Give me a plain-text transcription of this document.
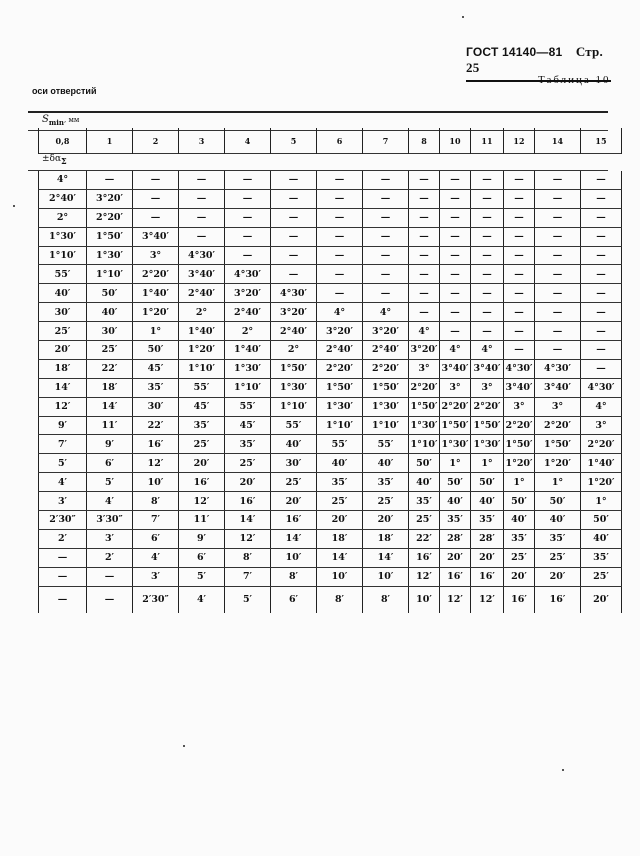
ГОСТ 14140—81 Стр. 25
Таблица 10
оси отверстий
$S_{min}$, мм
0,8	1	2	3	4	5	6	7	8	10	11	12	14	15
$\pm\delta\alpha_\Sigma$
4°	—	—	—	—	—	—	—	—	—	—	—	—	—
2°40′	3°20′	—	—	—	—	—	—	—	—	—	—	—	—
2°	2°20′	—	—	—	—	—	—	—	—	—	—	—	—
1°30′	1°50′	3°40′	—	—	—	—	—	—	—	—	—	—	—
1°10′	1°30′	3°	4°30′	—	—	—	—	—	—	—	—	—	—
55′	1°10′	2°20′	3°40′	4°30′	—	—	—	—	—	—	—	—	—
40′	50′	1°40′	2°40′	3°20′	4°30′	—	—	—	—	—	—	—	—
30′	40′	1°20′	2°	2°40′	3°20′	4°	4°	—	—	—	—	—	—
25′	30′	1°	1°40′	2°	2°40′	3°20′	3°20′	4°	—	—	—	—	—
20′	25′	50′	1°20′	1°40′	2°	2°40′	2°40′	3°20′	4°	4°	—	—	—
18′	22′	45′	1°10′	1°30′	1°50′	2°20′	2°20′	3°	3°40′	3°40′	4°30′	4°30′	—
14′	18′	35′	55′	1°10′	1°30′	1°50′	1°50′	2°20′	3°	3°	3°40′	3°40′	4°30′
12′	14′	30′	45′	55′	1°10′	1°30′	1°30′	1°50′	2°20′	2°20′	3°	3°	4°
9′	11′	22′	35′	45′	55′	1°10′	1°10′	1°30′	1°50′	1°50′	2°20′	2°20′	3°
7′	9′	16′	25′	35′	40′	55′	55′	1°10′	1°30′	1°30′	1°50′	1°50′	2°20′
5′	6′	12′	20′	25′	30′	40′	40′	50′	1°	1°	1°20′	1°20′	1°40′
4′	5′	10′	16′	20′	25′	35′	35′	40′	50′	50′	1°	1°	1°20′
3′	4′	8′	12′	16′	20′	25′	25′	35′	40′	40′	50′	50′	1°
2′30″	3′30″	7′	11′	14′	16′	20′	20′	25′	35′	35′	40′	40′	50′
2′	3′	6′	9′	12′	14′	18′	18′	22′	28′	28′	35′	35′	40′
—	2′	4′	6′	8′	10′	14′	14′	16′	20′	20′	25′	25′	35′
—	—	3′	5′	7′	8′	10′	10′	12′	16′	16′	20′	20′	25′
—	—	2′30″	4′	5′	6′	8′	8′	10′	12′	12′	16′	16′	20′
